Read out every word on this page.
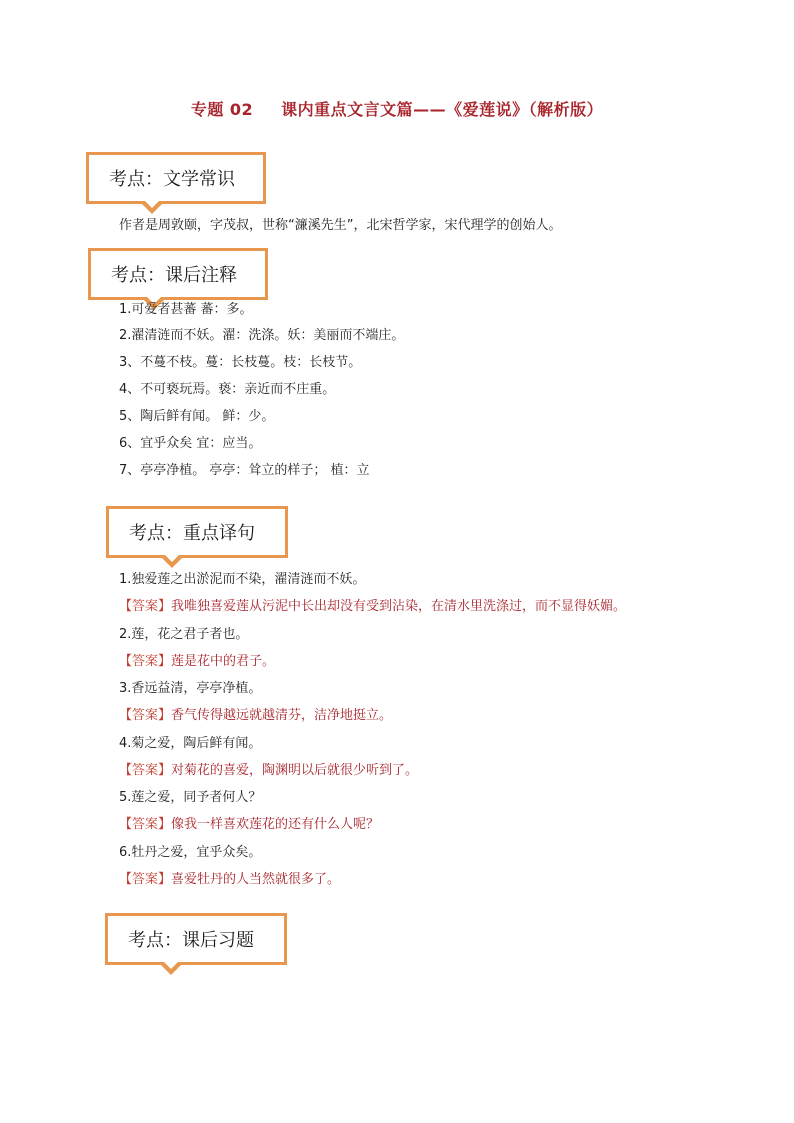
专题 02 课内重点文言文篇——《爱莲说》（解析版）
考点：文学常识
作者是周敦颐，字茂叔，世称“濂溪先生”，北宋哲学家，宋代理学的创始人。
考点：课后注释
1.可爱者甚蕃 蕃：多。
2.濯清涟而不妖。濯：洗涤。妖：美丽而不端庄。
3、不蔓不枝。蔓：长枝蔓。枝：长枝节。
4、不可亵玩焉。亵：亲近而不庄重。
5、陶后鲜有闻。 鲜：少。
6、宜乎众矣 宜：应当。
7、亭亭净植。 亭亭：耸立的样子； 植：立
考点：重点译句
1.独爱莲之出淤泥而不染，濯清涟而不妖。
【答案】我唯独喜爱莲从污泥中长出却没有受到沾染，在清水里洗涤过，而不显得妖媚。
2.莲，花之君子者也。
【答案】莲是花中的君子。
3.香远益清，亭亭净植。
【答案】香气传得越远就越清芬，洁净地挺立。
4.菊之爱，陶后鲜有闻。
【答案】对菊花的喜爱，陶渊明以后就很少听到了。
5.莲之爱，同予者何人？
【答案】像我一样喜欢莲花的还有什么人呢？
6.牡丹之爱，宜乎众矣。
【答案】喜爱牡丹的人当然就很多了。
考点：课后习题
